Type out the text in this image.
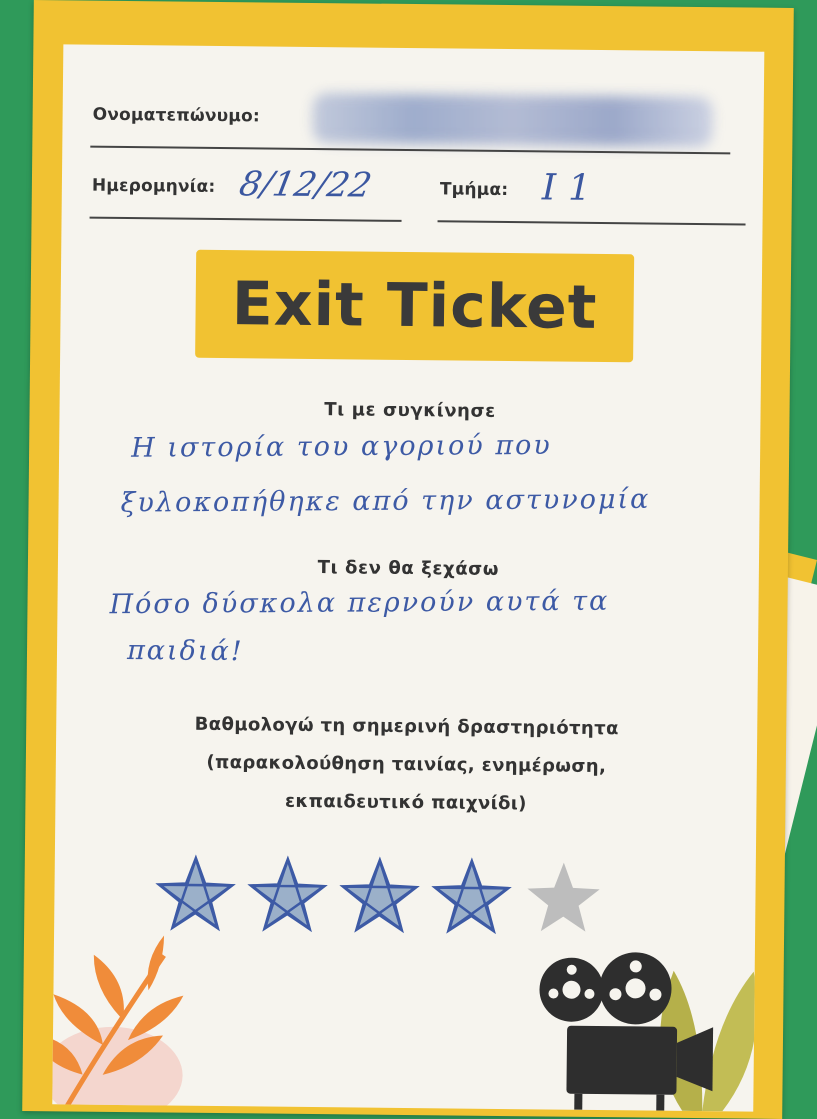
Ονοματεπώνυμο:
Ημερομηνία: 8/12/22	Τμήμα: Ι1
Exit Ticket
Τι με συγκίνησε
Η ιστορία του αγοριού που
ξυλοκοπήθηκε από την αστυνομία
Τι δεν θα ξεχάσω
Πόσο δύσκολα περνούν αυτά τα
παιδιά!
Βαθμολογώ τη σημερινή δραστηριότητα
(παρακολούθηση ταινίας, ενημέρωση,
εκπαιδευτικό παιχνίδι)
